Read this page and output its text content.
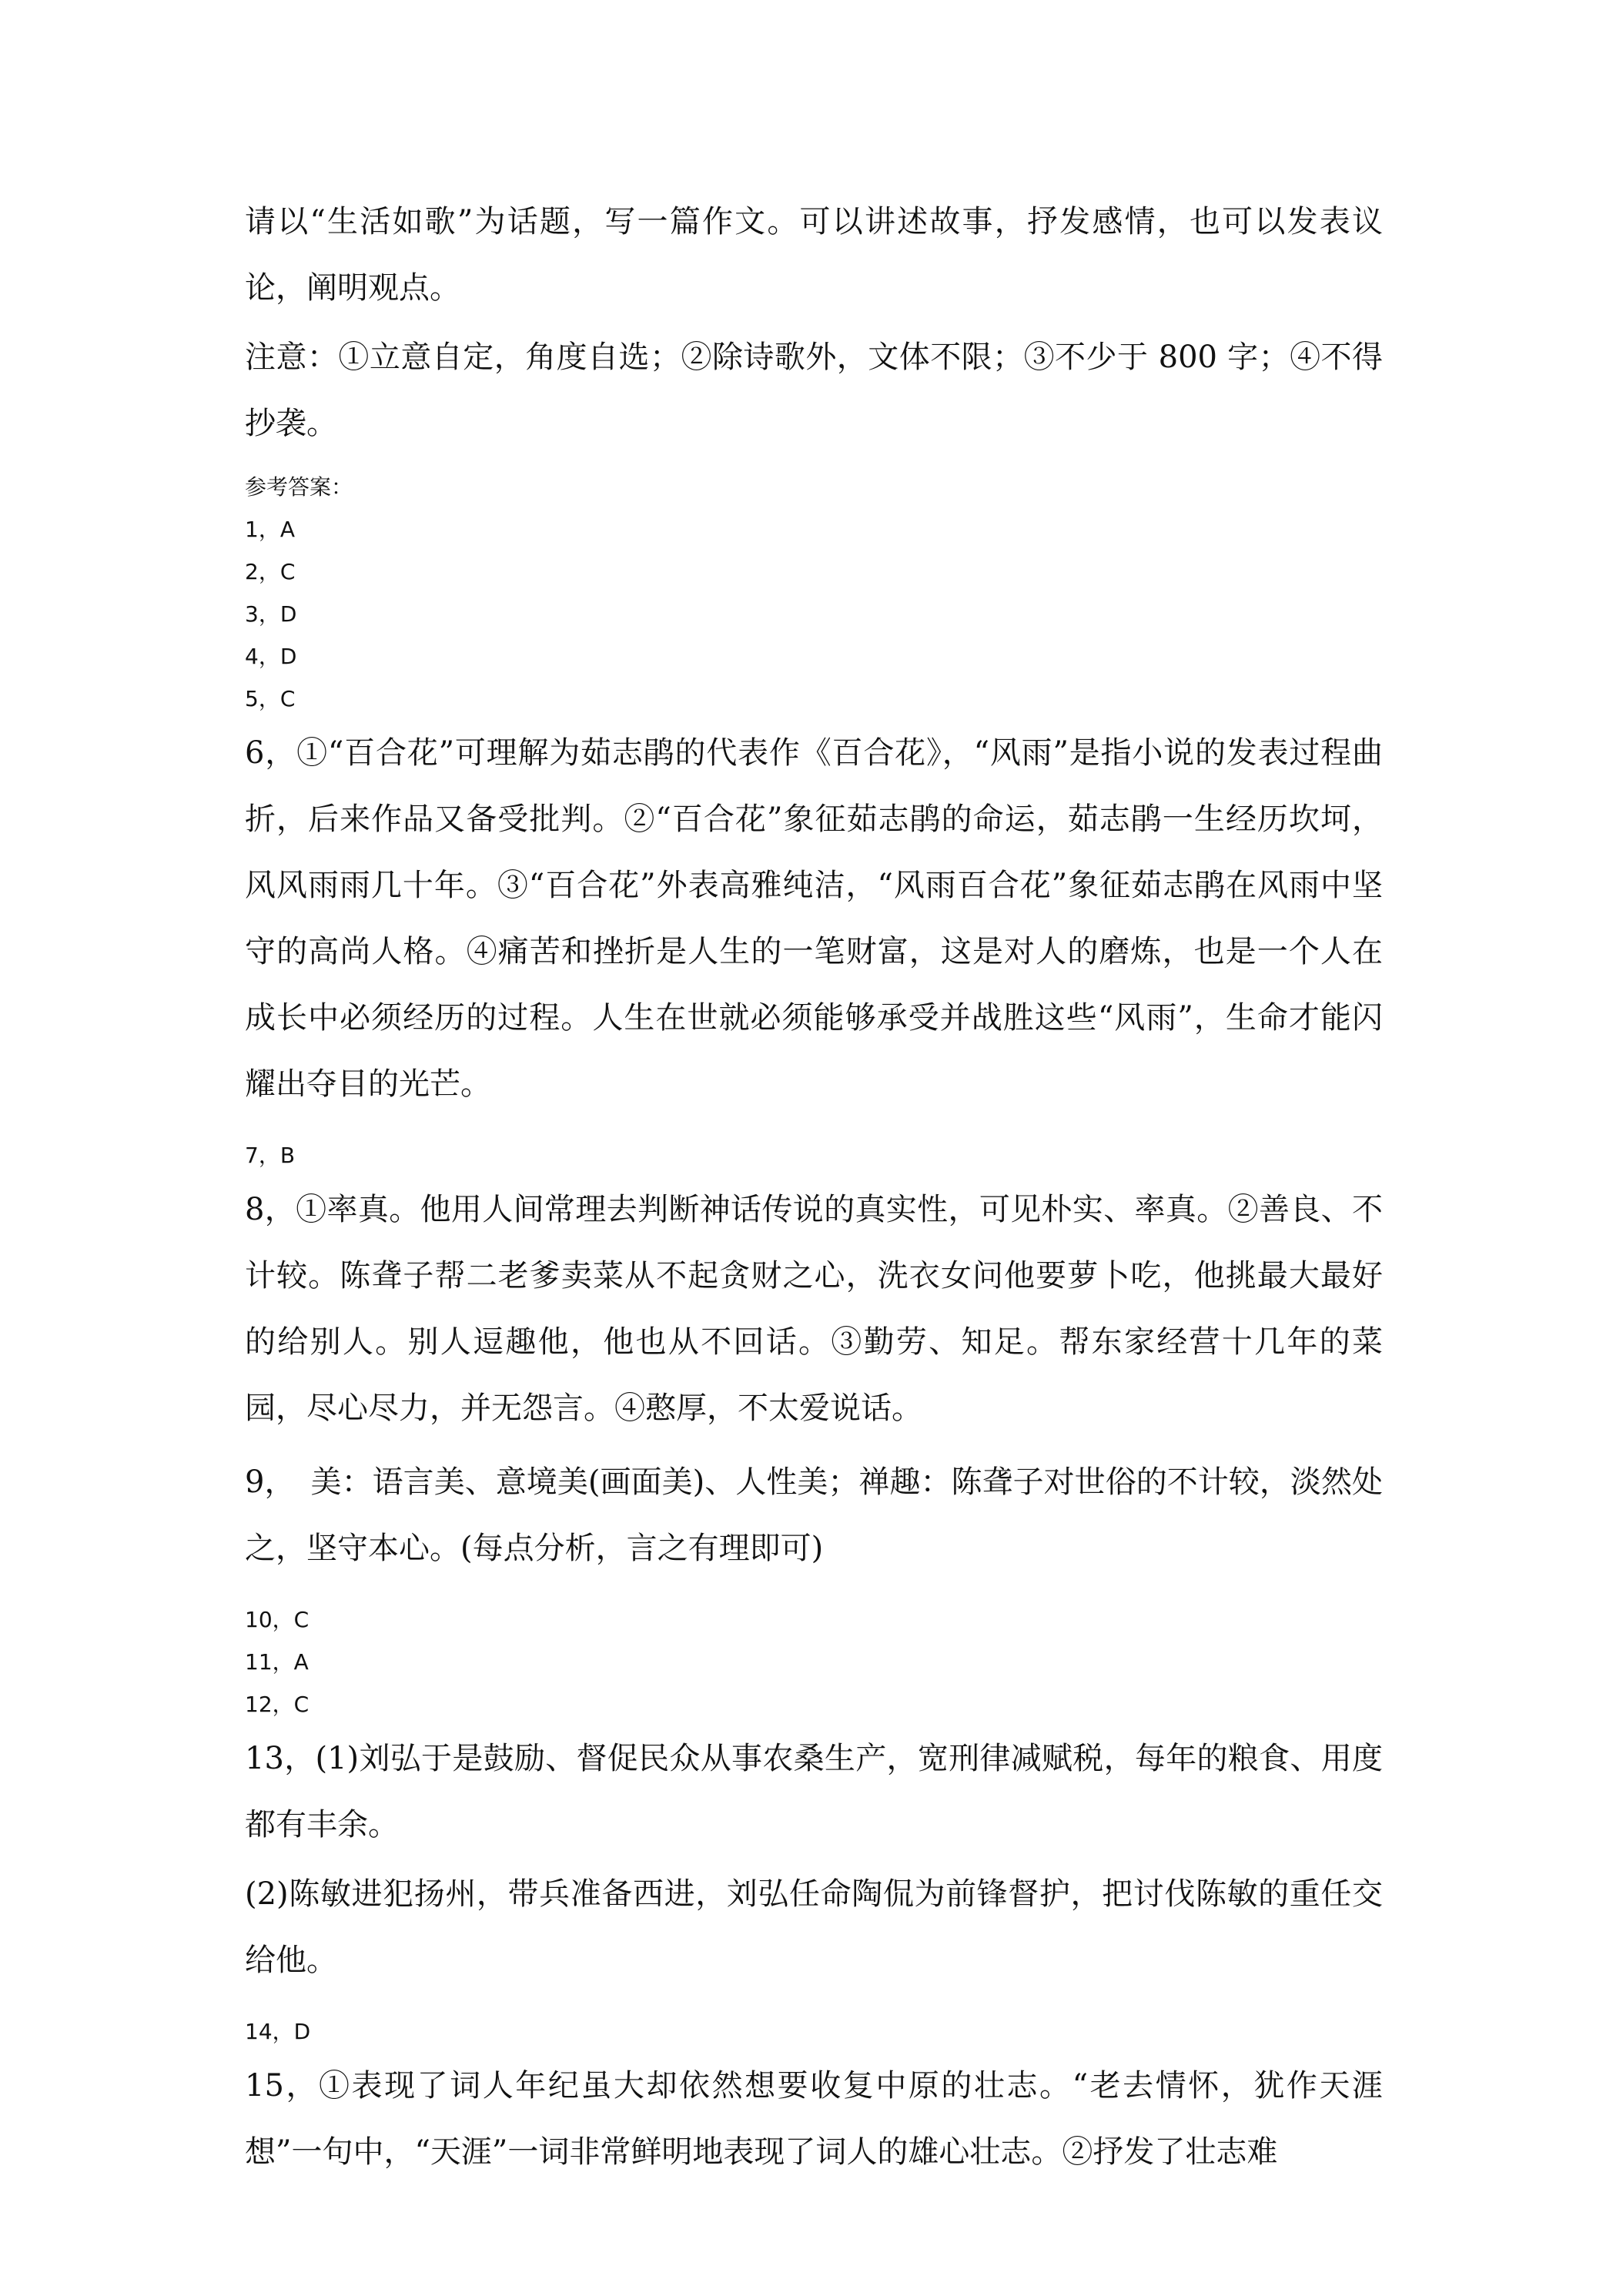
请以“生活如歌”为话题，写一篇作文。可以讲述故事，抒发感情，也可以发表议论，阐明观点。

注意：①立意自定，角度自选；②除诗歌外，文体不限；③不少于 800 字；④不得抄袭。

参考答案：

1，A

2，C

3，D

4，D

5，C

6，①“百合花”可理解为茹志鹃的代表作《百合花》，“风雨”是指小说的发表过程曲折，后来作品又备受批判。②“百合花”象征茹志鹃的命运，茹志鹃一生经历坎坷，风风雨雨几十年。③“百合花”外表高雅纯洁，“风雨百合花”象征茹志鹃在风雨中坚守的高尚人格。④痛苦和挫折是人生的一笔财富，这是对人的磨炼，也是一个人在成长中必须经历的过程。人生在世就必须能够承受并战胜这些“风雨”，生命才能闪耀出夺目的光芒。

7，B

8，①率真。他用人间常理去判断神话传说的真实性，可见朴实、率真。②善良、不计较。陈聋子帮二老爹卖菜从不起贪财之心，洗衣女问他要萝卜吃，他挑最大最好的给别人。别人逗趣他，他也从不回话。③勤劳、知足。帮东家经营十几年的菜园，尽心尽力，并无怨言。④憨厚，不太爱说话。

9，　美：语言美、意境美(画面美)、人性美；禅趣：陈聋子对世俗的不计较，淡然处之，坚守本心。(每点分析，言之有理即可)

10，C

11，A

12，C

13，(1)刘弘于是鼓励、督促民众从事农桑生产，宽刑律减赋税，每年的粮食、用度都有丰余。

(2)陈敏进犯扬州，带兵准备西进，刘弘任命陶侃为前锋督护，把讨伐陈敏的重任交给他。

14，D

15，①表现了词人年纪虽大却依然想要收复中原的壮志。“老去情怀，犹作天涯想”一句中，“天涯”一词非常鲜明地表现了词人的雄心壮志。②抒发了壮志难
